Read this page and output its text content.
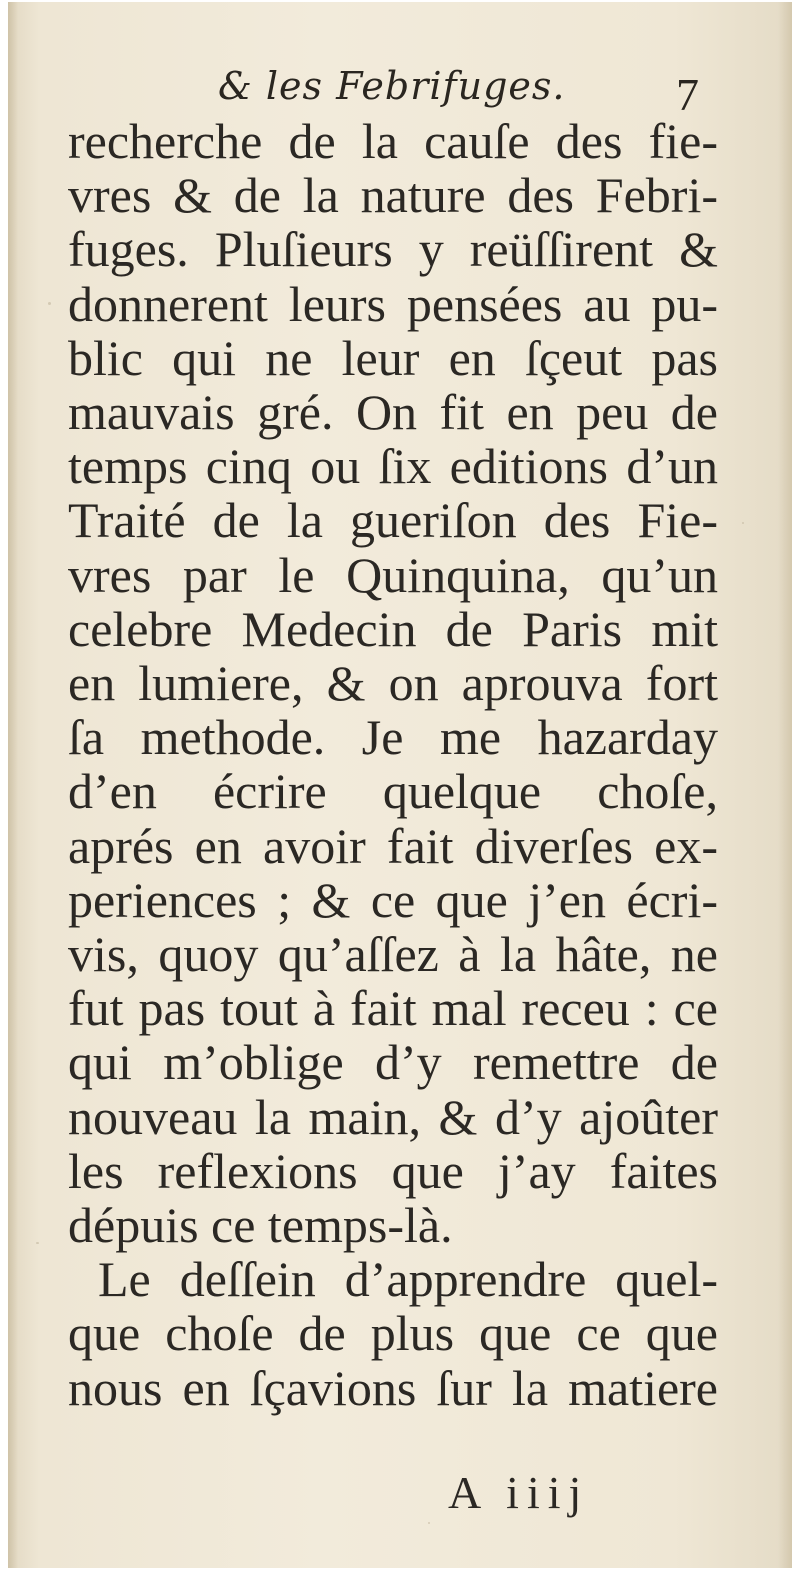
& les Febrifuges. 7
recherche de la cauſe des fie-
vres & de la nature des Febri-
fuges. Pluſieurs y reüſſirent &
donnerent leurs pensées au pu-
blic qui ne leur en ſçeut pas
mauvais gré. On fit en peu de
temps cinq ou ſix editions d’un
Traité de la gueriſon des Fie-
vres par le Quinquina, qu’un
celebre Medecin de Paris mit
en lumiere, & on aprouva fort
ſa methode. Je me hazarday
d’en écrire quelque choſe,
aprés en avoir fait diverſes ex-
periences ; & ce que j’en écri-
vis, quoy qu’aſſez à la hâte, ne
fut pas tout à fait mal receu : ce
qui m’oblige d’y remettre de
nouveau la main, & d’y ajoûter
les reflexions que j’ay faites
dépuis ce temps-là.
Le deſſein d’apprendre quel-
que choſe de plus que ce que
nous en ſçavions ſur la matiere
A iiij
